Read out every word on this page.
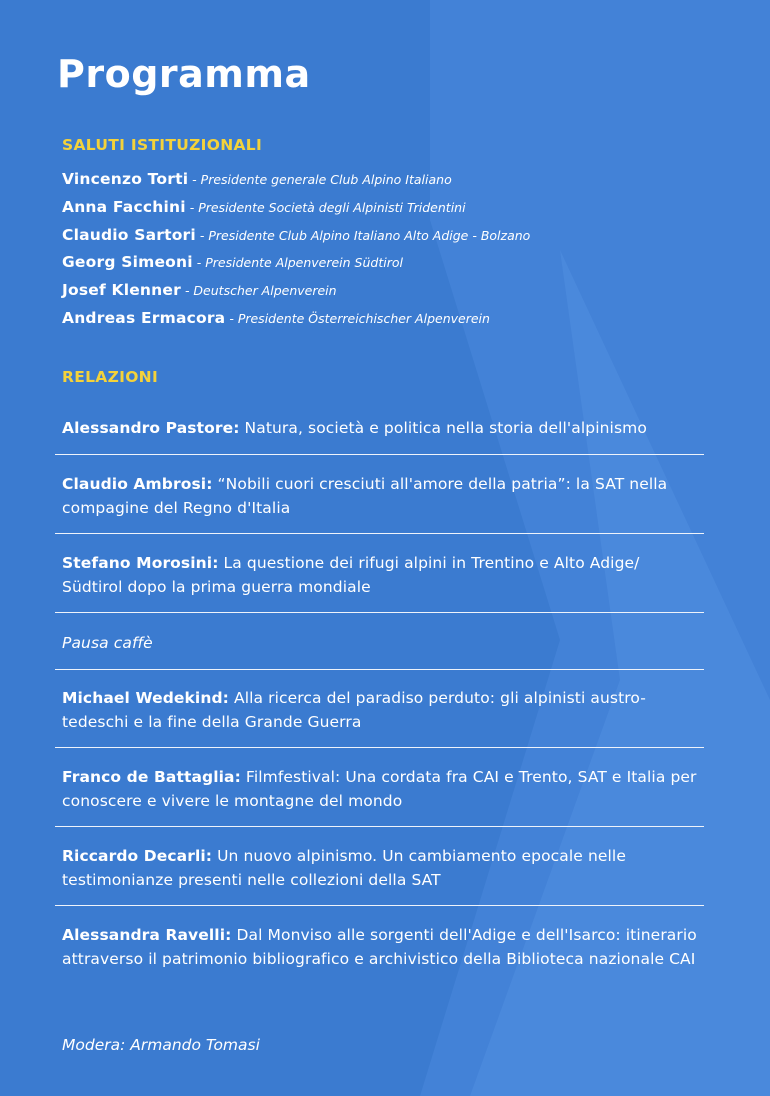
Programma
SALUTI ISTITUZIONALI
Vincenzo Torti - Presidente generale Club Alpino Italiano
Anna Facchini - Presidente Società degli Alpinisti Tridentini
Claudio Sartori - Presidente Club Alpino Italiano Alto Adige - Bolzano
Georg Simeoni - Presidente Alpenverein Südtirol
Josef Klenner - Deutscher Alpenverein
Andreas Ermacora - Presidente Österreichischer Alpenverein
RELAZIONI
Alessandro Pastore: Natura, società e politica nella storia dell'alpinismo
Claudio Ambrosi: “Nobili cuori cresciuti all'amore della patria”: la SAT nella compagine del Regno d'Italia
Stefano Morosini: La questione dei rifugi alpini in Trentino e Alto Adige/ Südtirol dopo la prima guerra mondiale
Pausa caffè
Michael Wedekind: Alla ricerca del paradiso perduto: gli alpinisti austro-tedeschi e la fine della Grande Guerra
Franco de Battaglia: Filmfestival: Una cordata fra CAI e Trento, SAT e Italia per conoscere e vivere le montagne del mondo
Riccardo Decarli: Un nuovo alpinismo. Un cambiamento epocale nelle testimonianze presenti nelle collezioni della SAT
Alessandra Ravelli: Dal Monviso alle sorgenti dell'Adige e dell'Isarco: itinerario attraverso il patrimonio bibliografico e archivistico della Biblioteca nazionale CAI
Modera: Armando Tomasi
